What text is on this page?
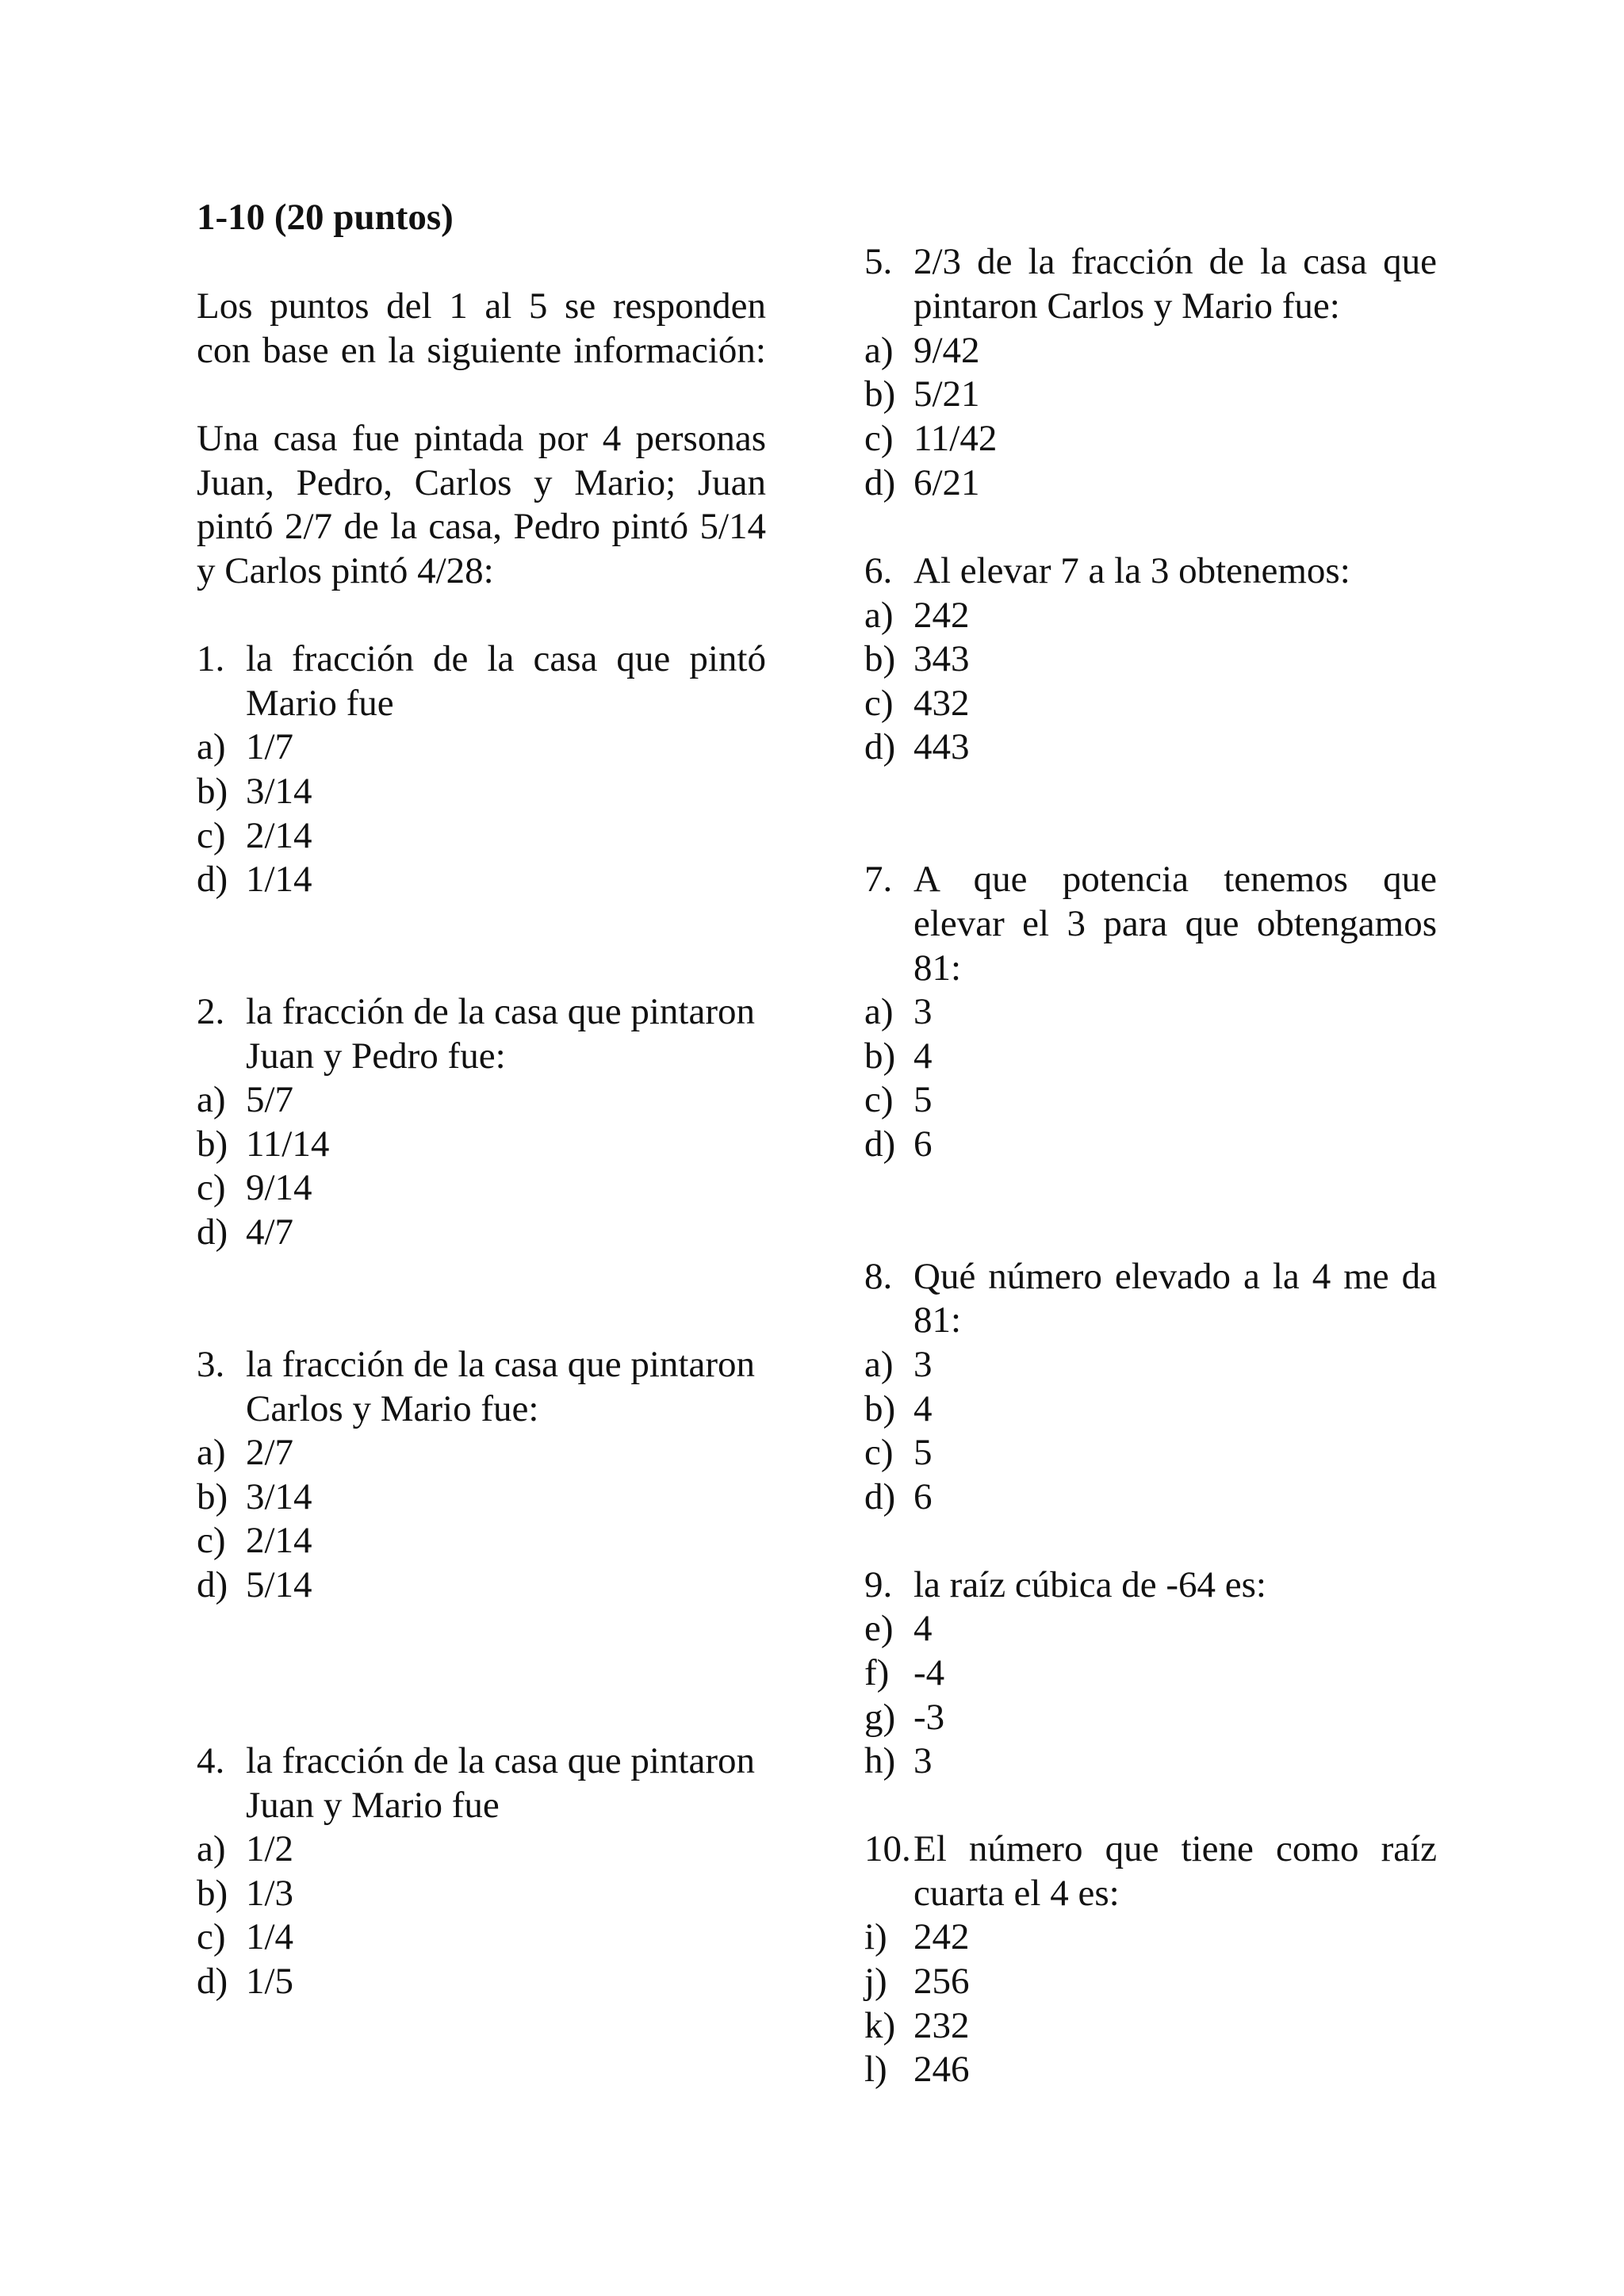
1-10 (20 puntos)
Los puntos del 1 al 5 se responden
con base en la siguiente información:
Una casa fue pintada por 4 personas
Juan, Pedro, Carlos y Mario; Juan
pintó 2/7 de la casa, Pedro pintó 5/14
y Carlos pintó 4/28:
1. la fracción de la casa que pintó
Mario fue
a) 1/7
b) 3/14
c) 2/14
d) 1/14
2. la fracción de la casa que pintaron
Juan y Pedro fue:
a) 5/7
b) 11/14
c) 9/14
d) 4/7
3. la fracción de la casa que pintaron
Carlos y Mario fue:
a) 2/7
b) 3/14
c) 2/14
d) 5/14
4. la fracción de la casa que pintaron
Juan y Mario fue
a) 1/2
b) 1/3
c) 1/4
d) 1/5
5. 2/3 de la fracción de la casa que
pintaron Carlos y Mario fue:
a) 9/42
b) 5/21
c) 11/42
d) 6/21
6. Al elevar 7 a la 3 obtenemos:
a) 242
b) 343
c) 432
d) 443
7. A que potencia tenemos que
elevar el 3 para que obtengamos
81:
a) 3
b) 4
c) 5
d) 6
8. Qué número elevado a la 4 me da
81:
a) 3
b) 4
c) 5
d) 6
9. la raíz cúbica de -64 es:
e) 4
f) -4
g) -3
h) 3
10. El número que tiene como raíz
cuarta el 4 es:
i) 242
j) 256
k) 232
l) 246
